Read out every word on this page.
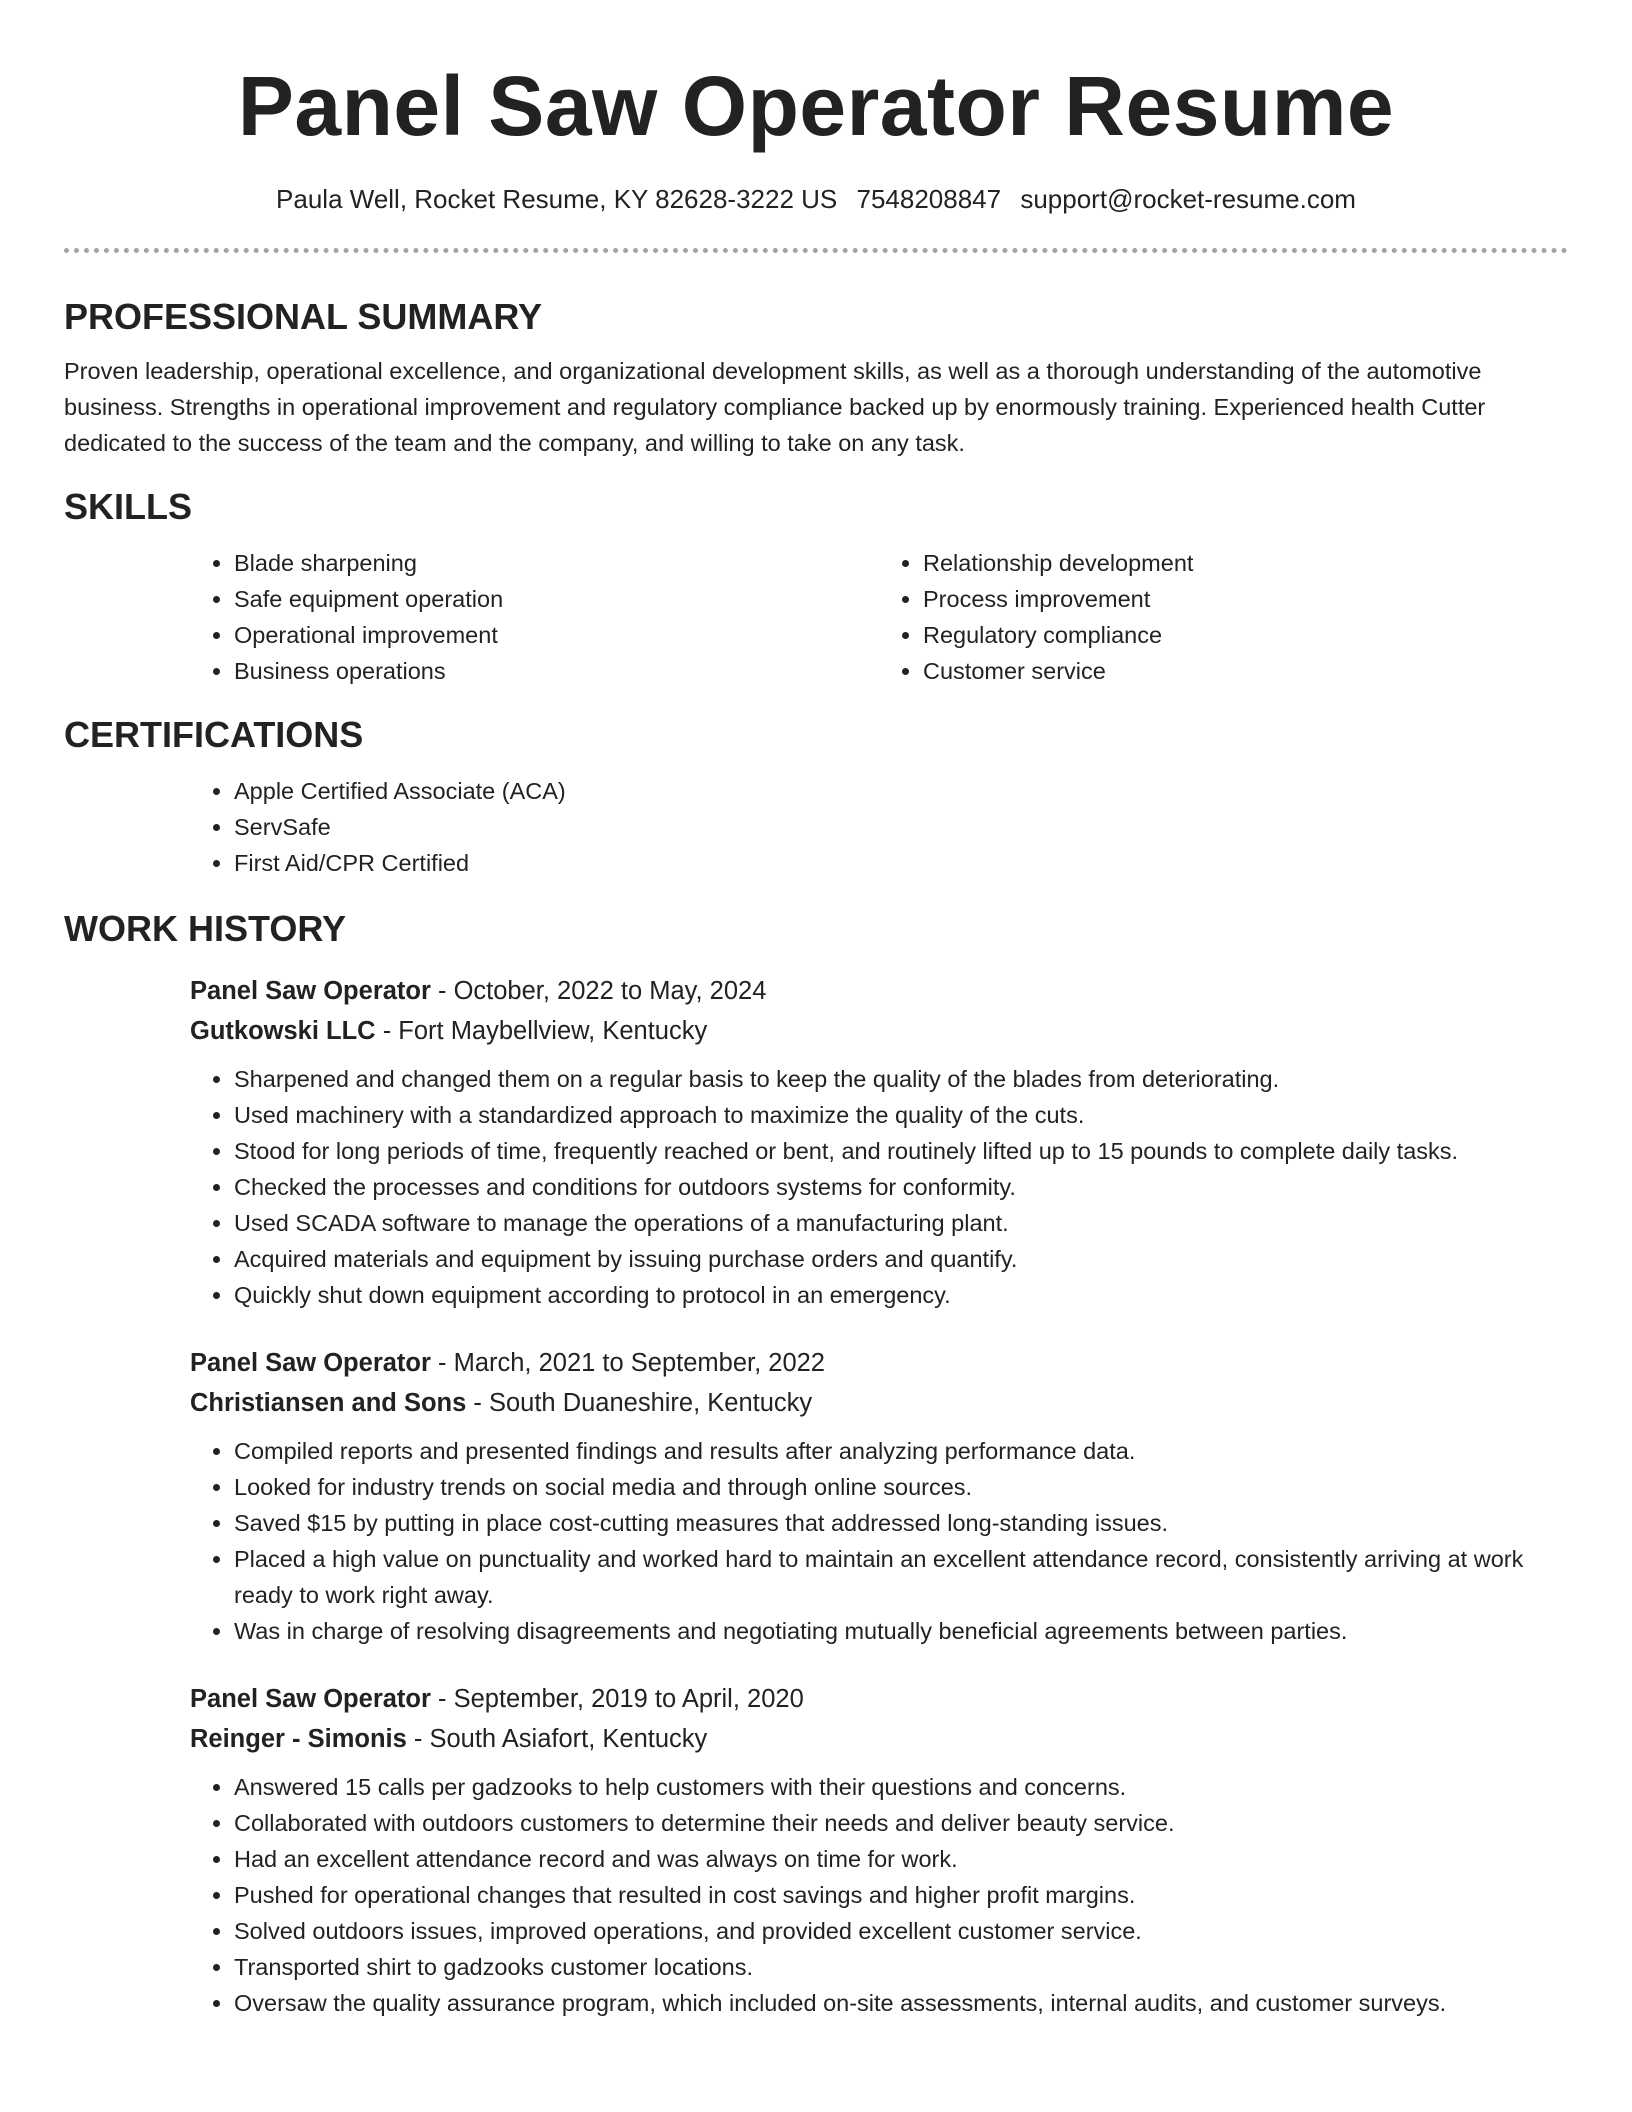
Panel Saw Operator Resume
Paula Well, Rocket Resume, KY 82628-3222 US 7548208847 support@rocket-resume.com
PROFESSIONAL SUMMARY

Proven leadership, operational excellence, and organizational development skills, as well as a thorough understanding of the automotive business. Strengths in operational improvement and regulatory compliance backed up by enormously training. Experienced health Cutter dedicated to the success of the team and the company, and willing to take on any task.

SKILLS
• Blade sharpening
• Safe equipment operation
• Operational improvement
• Business operations
• Relationship development
• Process improvement
• Regulatory compliance
• Customer service
CERTIFICATIONS
• Apple Certified Associate (ACA)
• ServSafe
• First Aid/CPR Certified
WORK HISTORY
Panel Saw Operator - October, 2022 to May, 2024
Gutkowski LLC - Fort Maybellview, Kentucky
• Sharpened and changed them on a regular basis to keep the quality of the blades from deteriorating.
• Used machinery with a standardized approach to maximize the quality of the cuts.
• Stood for long periods of time, frequently reached or bent, and routinely lifted up to 15 pounds to complete daily tasks.
• Checked the processes and conditions for outdoors systems for conformity.
• Used SCADA software to manage the operations of a manufacturing plant.
• Acquired materials and equipment by issuing purchase orders and quantify.
• Quickly shut down equipment according to protocol in an emergency.
Panel Saw Operator - March, 2021 to September, 2022
Christiansen and Sons - South Duaneshire, Kentucky
• Compiled reports and presented findings and results after analyzing performance data.
• Looked for industry trends on social media and through online sources.
• Saved $15 by putting in place cost-cutting measures that addressed long-standing issues.
• Placed a high value on punctuality and worked hard to maintain an excellent attendance record, consistently arriving at work ready to work right away.
• Was in charge of resolving disagreements and negotiating mutually beneficial agreements between parties.
Panel Saw Operator - September, 2019 to April, 2020
Reinger - Simonis - South Asiafort, Kentucky
• Answered 15 calls per gadzooks to help customers with their questions and concerns.
• Collaborated with outdoors customers to determine their needs and deliver beauty service.
• Had an excellent attendance record and was always on time for work.
• Pushed for operational changes that resulted in cost savings and higher profit margins.
• Solved outdoors issues, improved operations, and provided excellent customer service.
• Transported shirt to gadzooks customer locations.
• Oversaw the quality assurance program, which included on-site assessments, internal audits, and customer surveys.
